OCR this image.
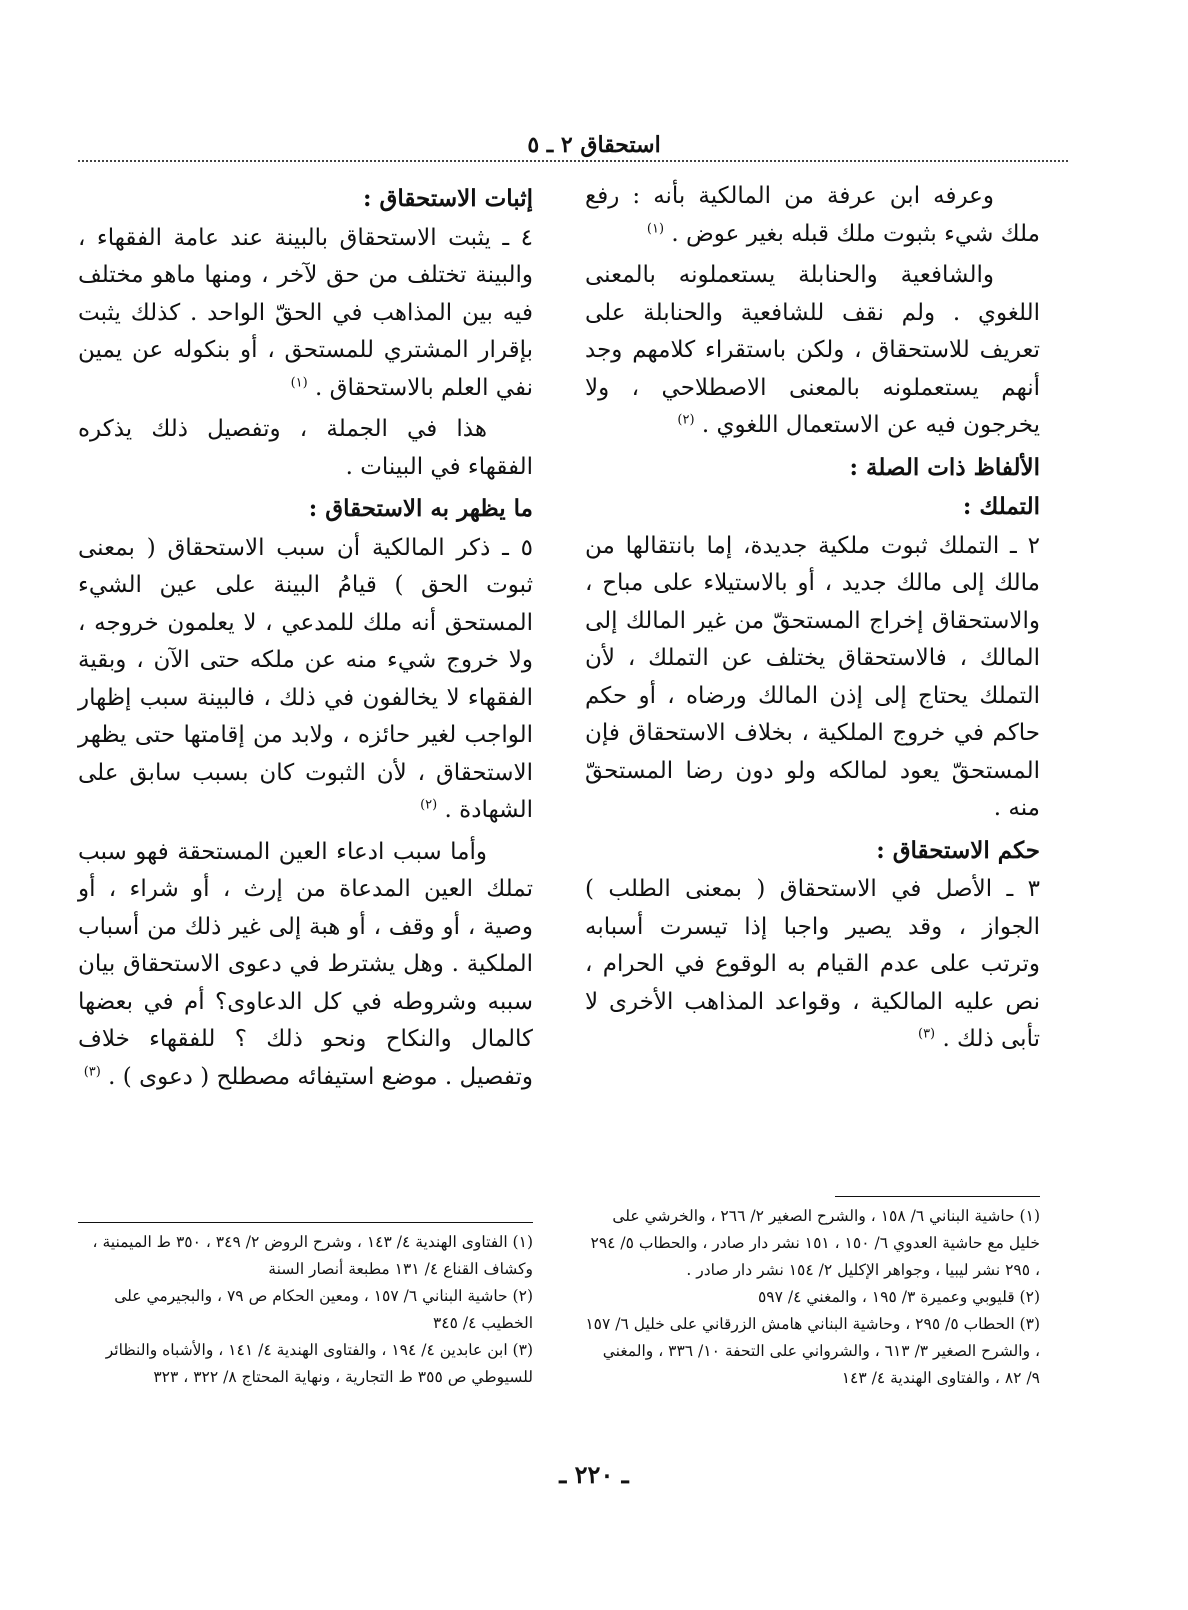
استحقاق ٢ ـ ٥

وعرفه ابن عرفة من المالكية بأنه : رفع ملك شيء بثبوت ملك قبله بغير عوض . $^{(١)}$

والشافعية والحنابلة يستعملونه بالمعنى اللغوي . ولم نقف للشافعية والحنابلة على تعريف للاستحقاق ، ولكن باستقراء كلامهم وجد أنهم يستعملونه بالمعنى الاصطلاحي ، ولا يخرجون فيه عن الاستعمال اللغوي . $^{(٢)}$

الألفاظ ذات الصلة :
التملك :

٢ ـ التملك ثبوت ملكية جديدة، إما بانتقالها من مالك إلى مالك جديد ، أو بالاستيلاء على مباح ، والاستحقاق إخراج المستحقّ من غير المالك إلى المالك ، فالاستحقاق يختلف عن التملك ، لأن التملك يحتاج إلى إذن المالك ورضاه ، أو حكم حاكم في خروج الملكية ، بخلاف الاستحقاق فإن المستحقّ يعود لمالكه ولو دون رضا المستحقّ منه .

حكم الاستحقاق :

٣ ـ الأصل في الاستحقاق ( بمعنى الطلب ) الجواز ، وقد يصير واجبا إذا تيسرت أسبابه وترتب على عدم القيام به الوقوع في الحرام ، نص عليه المالكية ، وقواعد المذاهب الأخرى لا تأبى ذلك . $^{(٣)}$

إثبات الاستحقاق :

٤ ـ يثبت الاستحقاق بالبينة عند عامة الفقهاء ، والبينة تختلف من حق لآخر ، ومنها ماهو مختلف فيه بين المذاهب في الحقّ الواحد . كذلك يثبت بإقرار المشتري للمستحق ، أو بنكوله عن يمين نفي العلم بالاستحقاق . $^{(١)}$

هذا في الجملة ، وتفصيل ذلك يذكره الفقهاء في البينات .

ما يظهر به الاستحقاق :

٥ ـ ذكر المالكية أن سبب الاستحقاق ( بمعنى ثبوت الحق ) قيامُ البينة على عين الشيء المستحق أنه ملك للمدعي ، لا يعلمون خروجه ، ولا خروج شيء منه عن ملكه حتى الآن ، وبقية الفقهاء لا يخالفون في ذلك ، فالبينة سبب إظهار الواجب لغير حائزه ، ولابد من إقامتها حتى يظهر الاستحقاق ، لأن الثبوت كان بسبب سابق على الشهادة . $^{(٢)}$

وأما سبب ادعاء العين المستحقة فهو سبب تملك العين المدعاة من إرث ، أو شراء ، أو وصية ، أو وقف ، أو هبة إلى غير ذلك من أسباب الملكية . وهل يشترط في دعوى الاستحقاق بيان سببه وشروطه في كل الدعاوى؟ أم في بعضها كالمال والنكاح ونحو ذلك ؟ للفقهاء خلاف وتفصيل . موضع استيفائه مصطلح ( دعوى ) . $^{(٣)}$

(١) حاشية البناني ٦/ ١٥٨ ، والشرح الصغير ٢/ ٢٦٦ ، والخرشي على خليل مع حاشية العدوي ٦/ ١٥٠ ، ١٥١ نشر دار صادر ، والحطاب ٥/ ٢٩٤ ، ٢٩٥ نشر ليبيا ، وجواهر الإكليل ٢/ ١٥٤ نشر دار صادر .

(٢) قليوبي وعميرة ٣/ ١٩٥ ، والمغني ٤/ ٥٩٧

(٣) الحطاب ٥/ ٢٩٥ ، وحاشية البناني هامش الزرقاني على خليل ٦/ ١٥٧ ، والشرح الصغير ٣/ ٦١٣ ، والشرواني على التحفة ١٠/ ٣٣٦ ، والمغني ٩/ ٨٢ ، والفتاوى الهندية ٤/ ١٤٣

(١) الفتاوى الهندية ٤/ ١٤٣ ، وشرح الروض ٢/ ٣٤٩ ، ٣٥٠ ط الميمنية ، وكشاف القناع ٤/ ١٣١ مطبعة أنصار السنة

(٢) حاشية البناني ٦/ ١٥٧ ، ومعين الحكام ص ٧٩ ، والبجيرمي على الخطيب ٤/ ٣٤٥

(٣) ابن عابدين ٤/ ١٩٤ ، والفتاوى الهندية ٤/ ١٤١ ، والأشباه والنظائر للسيوطي ص ٣٥٥ ط التجارية ، ونهاية المحتاج ٨/ ٣٢٢ ، ٣٢٣

ـ ٢٢٠ ـ
